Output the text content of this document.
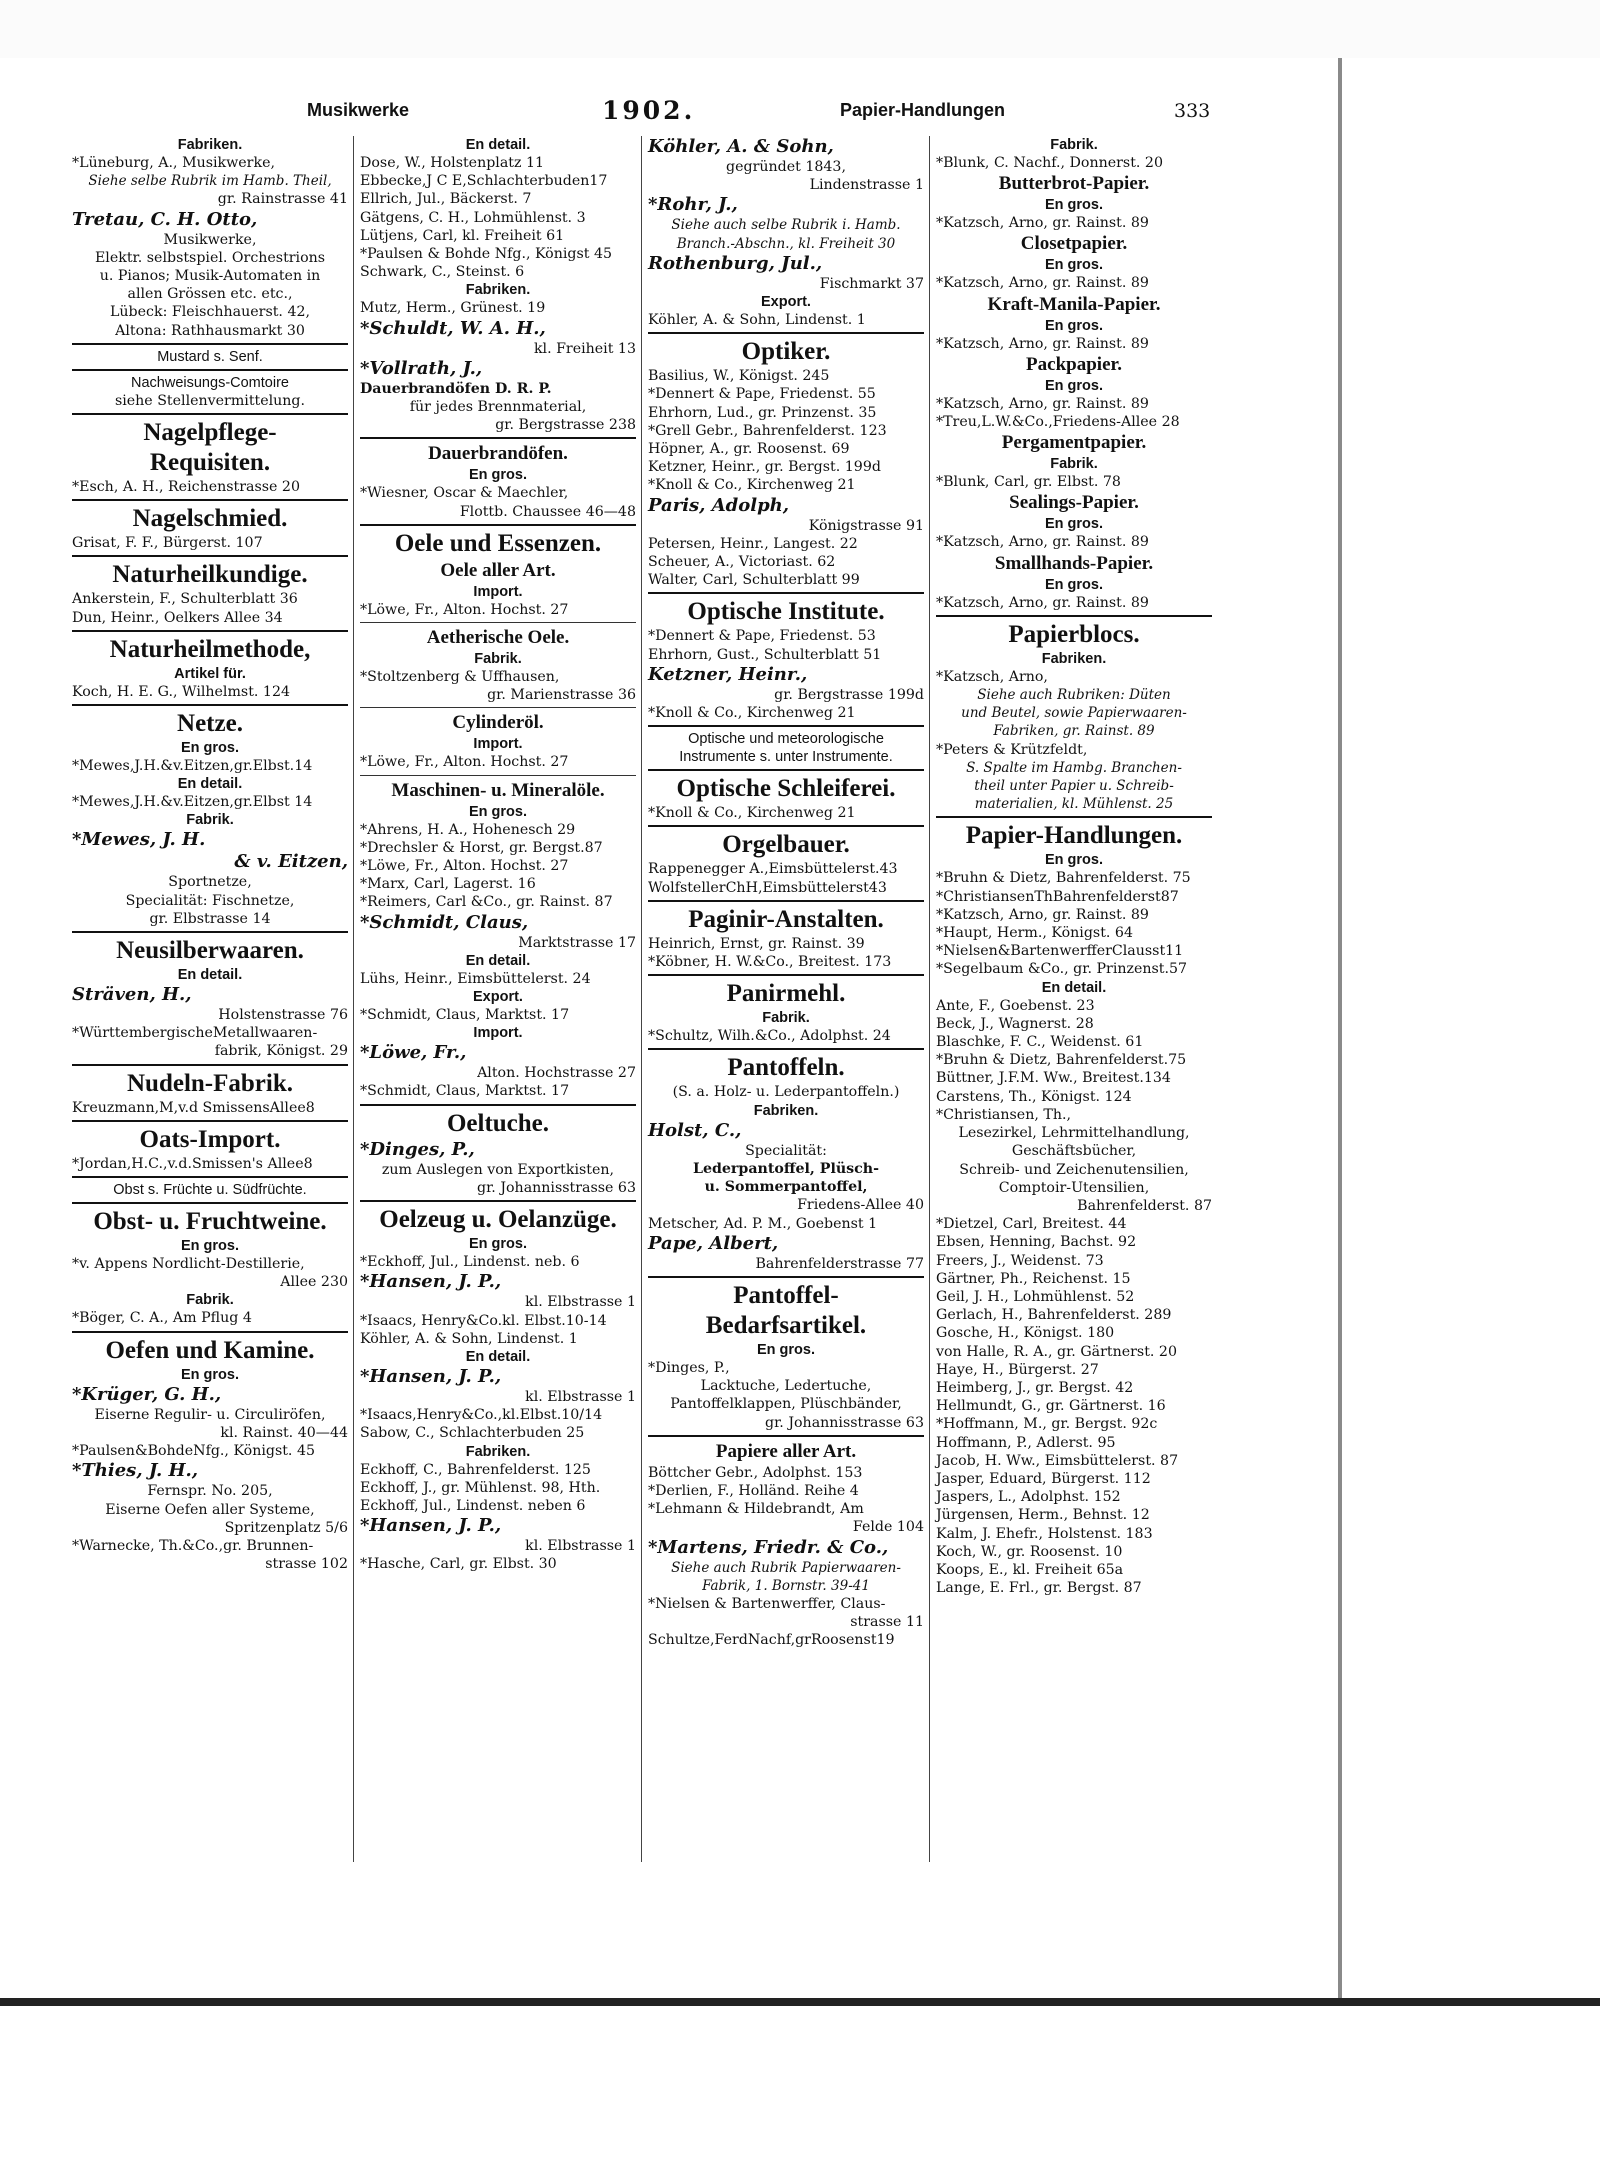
Musikwerke	1902.	Papier-Handlungen	333
Fabriken.
*Lüneburg, A., Musikwerke,
Siehe selbe Rubrik im Hamb. Theil,
gr. Rainstrasse 41
Tretau, C. H. Otto,
Musikwerke,
Elektr. selbstspiel. Orchestrions
u. Pianos; Musik-Automaten in
allen Grössen etc. etc.,
Lübeck: Fleischhauerst. 42,
Altona: Rathhausmarkt 30
Mustard s. Senf.
Nachweisungs-Comtoire
siehe Stellenvermittelung.
Nagelpflege-
Requisiten.
*Esch, A. H., Reichenstrasse 20
Nagelschmied.
Grisat, F. F., Bürgerst. 107
Naturheilkundige.
Ankerstein, F., Schulterblatt 36
Dun, Heinr., Oelkers Allee 34
Naturheilmethode,
Artikel für.
Koch, H. E. G., Wilhelmst. 124
Netze.
En gros.
*Mewes,J.H.&v.Eitzen,gr.Elbst.14
En detail.
*Mewes,J.H.&v.Eitzen,gr.Elbst 14
Fabrik.
*Mewes, J. H.
& v. Eitzen,
Sportnetze,
Specialität: Fischnetze,
gr. Elbstrasse 14
Neusilberwaaren.
En detail.
Sträven, H.,
Holstenstrasse 76
*WürttembergischeMetallwaaren-
fabrik, Königst. 29
Nudeln-Fabrik.
Kreuzmann,M,v.d SmissensAllee8
Oats-Import.
*Jordan,H.C.,v.d.Smissen's Allee8
Obst s. Früchte u. Südfrüchte.
Obst- u. Fruchtweine.
En gros.
*v. Appens Nordlicht-Destillerie,
Allee 230
Fabrik.
*Böger, C. A., Am Pflug 4
Oefen und Kamine.
En gros.
*Krüger, G. H.,
Eiserne Regulir- u. Circuliröfen,
kl. Rainst. 40—44
*Paulsen&BohdeNfg., Königst. 45
*Thies, J. H.,
Fernspr. No. 205,
Eiserne Oefen aller Systeme,
Spritzenplatz 5/6
*Warnecke, Th.&Co.,gr. Brunnen-
strasse 102
En detail.
Dose, W., Holstenplatz 11
Ebbecke,J C E,Schlachterbuden17
Ellrich, Jul., Bäckerst. 7
Gätgens, C. H., Lohmühlenst. 3
Lütjens, Carl, kl. Freiheit 61
*Paulsen & Bohde Nfg., Königst 45
Schwark, C., Steinst. 6
Fabriken.
Mutz, Herm., Grünest. 19
*Schuldt, W. A. H.,
kl. Freiheit 13
*Vollrath, J.,
Dauerbrandöfen D. R. P.
für jedes Brennmaterial,
gr. Bergstrasse 238
Dauerbrandöfen.
En gros.
*Wiesner, Oscar & Maechler,
Flottb. Chaussee 46—48
Oele und Essenzen.
Oele aller Art.
Import.
*Löwe, Fr., Alton. Hochst. 27
Aetherische Oele.
Fabrik.
*Stoltzenberg & Uffhausen,
gr. Marienstrasse 36
Cylinderöl.
Import.
*Löwe, Fr., Alton. Hochst. 27
Maschinen- u. Mineralöle.
En gros.
*Ahrens, H. A., Hohenesch 29
*Drechsler & Horst, gr. Bergst.87
*Löwe, Fr., Alton. Hochst. 27
*Marx, Carl, Lagerst. 16
*Reimers, Carl &Co., gr. Rainst. 87
*Schmidt, Claus,
Marktstrasse 17
En detail.
Lühs, Heinr., Eimsbüttelerst. 24
Export.
*Schmidt, Claus, Marktst. 17
Import.
*Löwe, Fr.,
Alton. Hochstrasse 27
*Schmidt, Claus, Marktst. 17
Oeltuche.
*Dinges, P.,
zum Auslegen von Exportkisten,
gr. Johannisstrasse 63
Oelzeug u. Oelanzüge.
En gros.
*Eckhoff, Jul., Lindenst. neb. 6
*Hansen, J. P.,
kl. Elbstrasse 1
*Isaacs, Henry&Co.kl. Elbst.10-14
Köhler, A. & Sohn, Lindenst. 1
En detail.
*Hansen, J. P.,
kl. Elbstrasse 1
*Isaacs,Henry&Co.,kl.Elbst.10/14
Sabow, C., Schlachterbuden 25
Fabriken.
Eckhoff, C., Bahrenfelderst. 125
Eckhoff, J., gr. Mühlenst. 98, Hth.
Eckhoff, Jul., Lindenst. neben 6
*Hansen, J. P.,
kl. Elbstrasse 1
*Hasche, Carl, gr. Elbst. 30
Köhler, A. & Sohn,
gegründet 1843,
Lindenstrasse 1
*Rohr, J.,
Siehe auch selbe Rubrik i. Hamb.
Branch.-Abschn., kl. Freiheit 30
Rothenburg, Jul.,
Fischmarkt 37
Export.
Köhler, A. & Sohn, Lindenst. 1
Optiker.
Basilius, W., Königst. 245
*Dennert & Pape, Friedenst. 55
Ehrhorn, Lud., gr. Prinzenst. 35
*Grell Gebr., Bahrenfelderst. 123
Höpner, A., gr. Roosenst. 69
Ketzner, Heinr., gr. Bergst. 199d
*Knoll & Co., Kirchenweg 21
Paris, Adolph,
Königstrasse 91
Petersen, Heinr., Langest. 22
Scheuer, A., Victoriast. 62
Walter, Carl, Schulterblatt 99
Optische Institute.
*Dennert & Pape, Friedenst. 53
Ehrhorn, Gust., Schulterblatt 51
Ketzner, Heinr.,
gr. Bergstrasse 199d
*Knoll & Co., Kirchenweg 21
Optische und meteorologische
Instrumente s. unter Instrumente.
Optische Schleiferei.
*Knoll & Co., Kirchenweg 21
Orgelbauer.
Rappenegger A.,Eimsbüttelerst.43
WolfstellerChH,Eimsbüttelerst43
Paginir-Anstalten.
Heinrich, Ernst, gr. Rainst. 39
*Köbner, H. W.&Co., Breitest. 173
Panirmehl.
Fabrik.
*Schultz, Wilh.&Co., Adolphst. 24
Pantoffeln.
(S. a. Holz- u. Lederpantoffeln.)
Fabriken.
Holst, C.,
Specialität:
Lederpantoffel, Plüsch-
u. Sommerpantoffel,
Friedens-Allee 40
Metscher, Ad. P. M., Goebenst 1
Pape, Albert,
Bahrenfelderstrasse 77
Pantoffel-
Bedarfsartikel.
En gros.
*Dinges, P.,
Lacktuche, Ledertuche,
Pantoffelklappen, Plüschbänder,
gr. Johannisstrasse 63
Papiere aller Art.
Böttcher Gebr., Adolphst. 153
*Derlien, F., Holländ. Reihe 4
*Lehmann & Hildebrandt, Am
Felde 104
*Martens, Friedr. & Co.,
Siehe auch Rubrik Papierwaaren-
Fabrik, 1. Bornstr. 39-41
*Nielsen & Bartenwerffer, Claus-
strasse 11
Schultze,FerdNachf,grRoosenst19
Fabrik.
*Blunk, C. Nachf., Donnerst. 20
Butterbrot-Papier.
En gros.
*Katzsch, Arno, gr. Rainst. 89
Closetpapier.
En gros.
*Katzsch, Arno, gr. Rainst. 89
Kraft-Manila-Papier.
En gros.
*Katzsch, Arno, gr. Rainst. 89
Packpapier.
En gros.
*Katzsch, Arno, gr. Rainst. 89
*Treu,L.W.&Co.,Friedens-Allee 28
Pergamentpapier.
Fabrik.
*Blunk, Carl, gr. Elbst. 78
Sealings-Papier.
En gros.
*Katzsch, Arno, gr. Rainst. 89
Smallhands-Papier.
En gros.
*Katzsch, Arno, gr. Rainst. 89
Papierblocs.
Fabriken.
*Katzsch, Arno,
Siehe auch Rubriken: Düten
und Beutel, sowie Papierwaaren-
Fabriken, gr. Rainst. 89
*Peters & Krützfeldt,
S. Spalte im Hambg. Branchen-
theil unter Papier u. Schreib-
materialien, kl. Mühlenst. 25
Papier-Handlungen.
En gros.
*Bruhn & Dietz, Bahrenfelderst. 75
*ChristiansenThBahrenfelderst87
*Katzsch, Arno, gr. Rainst. 89
*Haupt, Herm., Königst. 64
*Nielsen&BartenwerfferClausst11
*Segelbaum &Co., gr. Prinzenst.57
En detail.
Ante, F., Goebenst. 23
Beck, J., Wagnerst. 28
Blaschke, F. C., Weidenst. 61
*Bruhn & Dietz, Bahrenfelderst.75
Büttner, J.F.M. Ww., Breitest.134
Carstens, Th., Königst. 124
*Christiansen, Th.,
Lesezirkel, Lehrmittelhandlung,
Geschäftsbücher,
Schreib- und Zeichenutensilien,
Comptoir-Utensilien,
Bahrenfelderst. 87
*Dietzel, Carl, Breitest. 44
Ebsen, Henning, Bachst. 92
Freers, J., Weidenst. 73
Gärtner, Ph., Reichenst. 15
Geil, J. H., Lohmühlenst. 52
Gerlach, H., Bahrenfelderst. 289
Gosche, H., Königst. 180
von Halle, R. A., gr. Gärtnerst. 20
Haye, H., Bürgerst. 27
Heimberg, J., gr. Bergst. 42
Hellmundt, G., gr. Gärtnerst. 16
*Hoffmann, M., gr. Bergst. 92c
Hoffmann, P., Adlerst. 95
Jacob, H. Ww., Eimsbüttelerst. 87
Jasper, Eduard, Bürgerst. 112
Jaspers, L., Adolphst. 152
Jürgensen, Herm., Behnst. 12
Kalm, J. Ehefr., Holstenst. 183
Koch, W., gr. Roosenst. 10
Koops, E., kl. Freiheit 65a
Lange, E. Frl., gr. Bergst. 87
